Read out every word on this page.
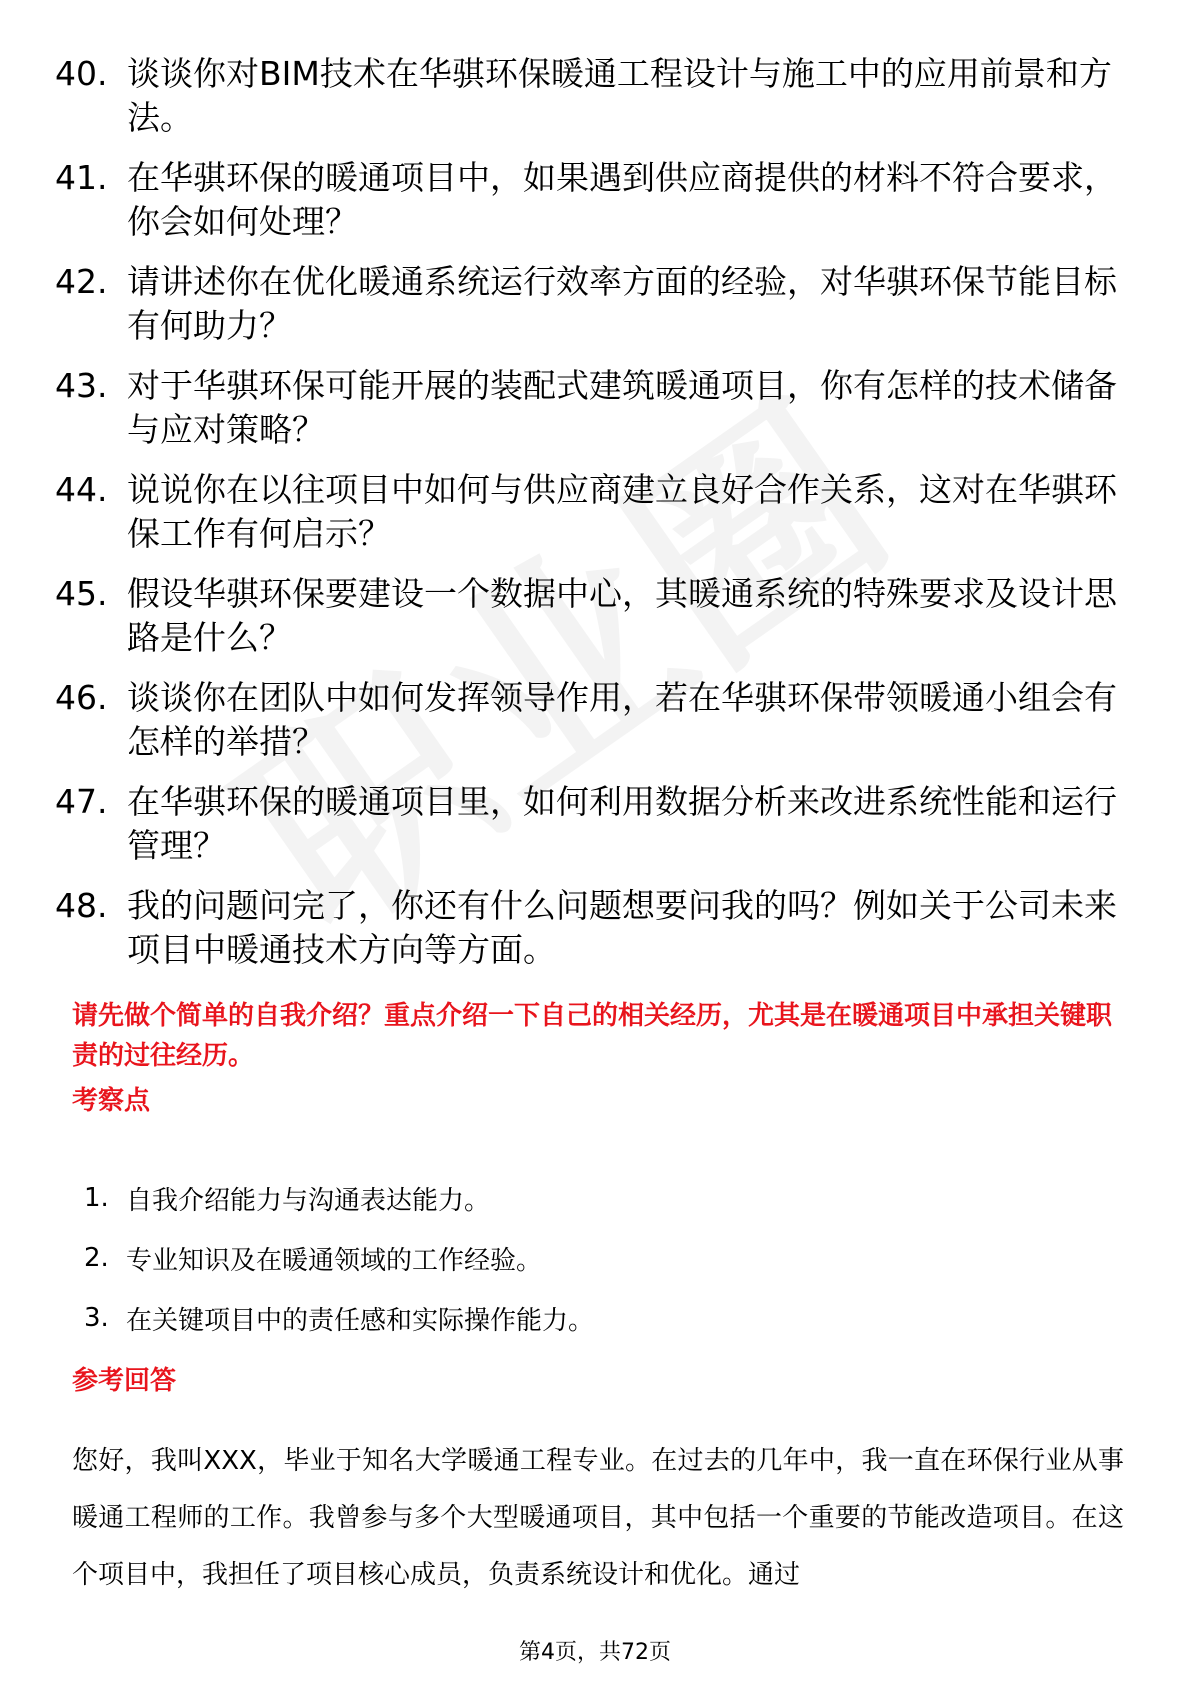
40. 谈谈你对BIM技术在华骐环保暖通工程设计与施工中的应用前景和方法。
41. 在华骐环保的暖通项目中，如果遇到供应商提供的材料不符合要求，你会如何处理？
42. 请讲述你在优化暖通系统运行效率方面的经验，对华骐环保节能目标有何助力？
43. 对于华骐环保可能开展的装配式建筑暖通项目，你有怎样的技术储备与应对策略？
44. 说说你在以往项目中如何与供应商建立良好合作关系，这对在华骐环保工作有何启示？
45. 假设华骐环保要建设一个数据中心，其暖通系统的特殊要求及设计思路是什么？
46. 谈谈你在团队中如何发挥领导作用，若在华骐环保带领暖通小组会有怎样的举措？
47. 在华骐环保的暖通项目里，如何利用数据分析来改进系统性能和运行管理？
48. 我的问题问完了，你还有什么问题想要问我的吗？例如关于公司未来项目中暖通技术方向等方面。
请先做个简单的自我介绍？重点介绍一下自己的相关经历，尤其是在暖通项目中承担关键职责的过往经历。
考察点
1. 自我介绍能力与沟通表达能力。
2. 专业知识及在暖通领域的工作经验。
3. 在关键项目中的责任感和实际操作能力。
参考回答
您好，我叫XXX，毕业于知名大学暖通工程专业。在过去的几年中，我一直在环保行业从事暖通工程师的工作。我曾参与多个大型暖通项目，其中包括一个重要的节能改造项目。在这个项目中，我担任了项目核心成员，负责系统设计和优化。通过
第4页，共72页
